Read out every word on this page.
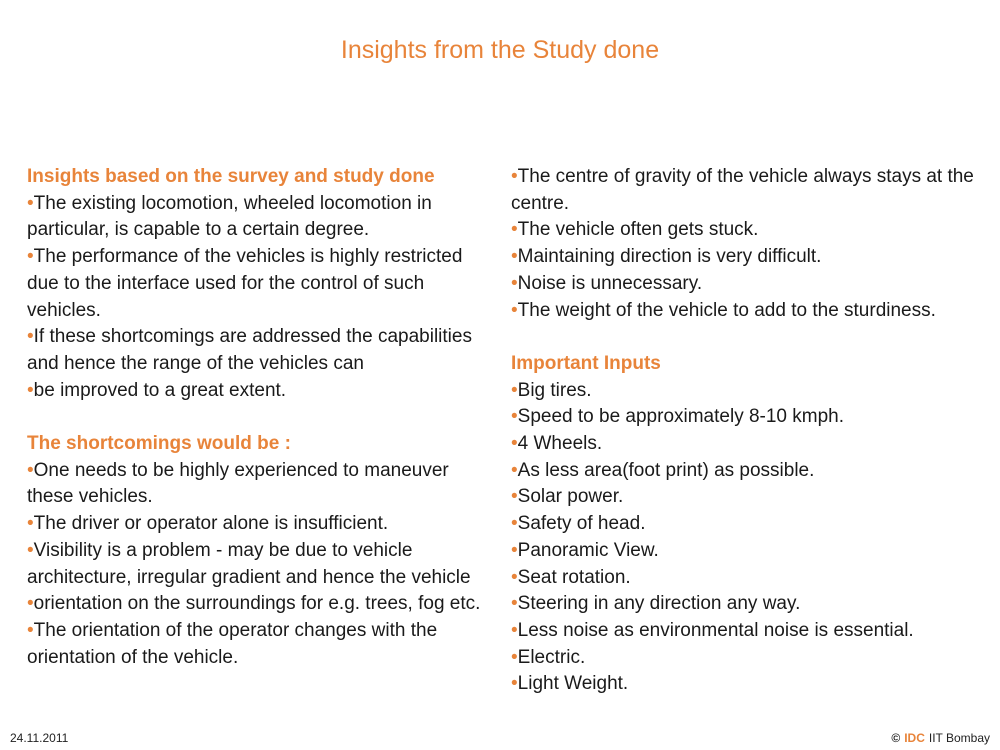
Insights from the Study done
Insights based on the survey and study done
•The existing locomotion, wheeled locomotion in particular, is capable to a certain degree.
•The performance of the vehicles is highly restricted due to the interface used for the control of such vehicles.
•If these shortcomings are addressed the capabilities and hence the range of the vehicles can
•be improved to a great extent.
The shortcomings would be :
•One needs to be highly experienced to maneuver these vehicles.
•The driver or operator alone is insufficient.
•Visibility is a problem - may be due to vehicle architecture, irregular gradient and hence the vehicle
•orientation on the surroundings for e.g. trees, fog etc.
•The orientation of the operator changes with the orientation of the vehicle.
•The centre of gravity of the vehicle always stays at the centre.
•The vehicle often gets stuck.
•Maintaining direction is very difficult.
•Noise is unnecessary.
•The weight of the vehicle to add to the sturdiness.
Important Inputs
•Big tires.
•Speed to be approximately 8-10 kmph.
•4 Wheels.
•As less area(foot print) as possible.
•Solar power.
•Safety of head.
•Panoramic View.
•Seat rotation.
•Steering in any direction any way.
•Less noise as environmental noise is essential.
•Electric.
•Light Weight.
24.11.2011	© IDC IIT Bombay
